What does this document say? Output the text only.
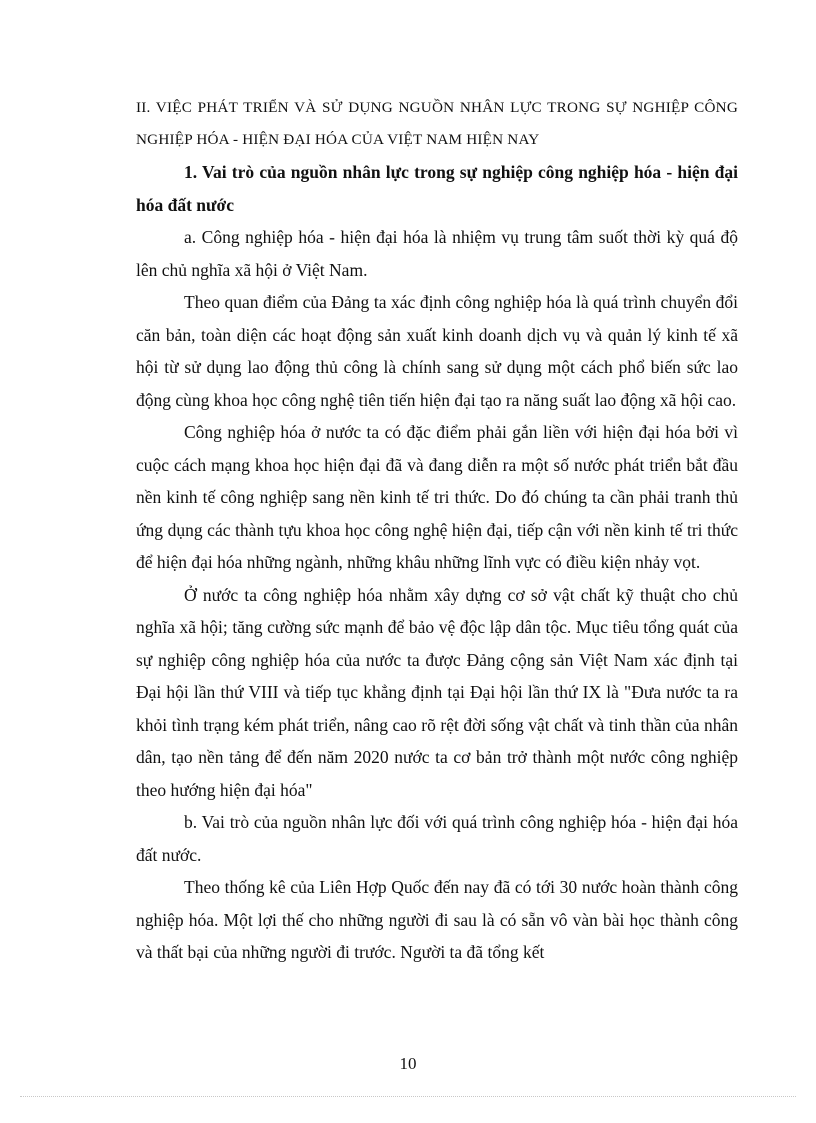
II. VIỆC PHÁT TRIỂN VÀ SỬ DỤNG NGUỒN NHÂN LỰC TRONG SỰ NGHIỆP CÔNG NGHIỆP HÓA - HIỆN ĐẠI HÓA CỦA VIỆT NAM HIỆN NAY
1. Vai trò của nguồn nhân lực trong sự nghiệp công nghiệp hóa - hiện đại hóa đất nước

a. Công nghiệp hóa - hiện đại hóa là nhiệm vụ trung tâm suốt thời kỳ quá độ lên chủ nghĩa xã hội ở Việt Nam.

Theo quan điểm của Đảng ta xác định công nghiệp hóa là quá trình chuyển đổi căn bản, toàn diện các hoạt động sản xuất kinh doanh dịch vụ và quản lý kinh tế xã hội từ sử dụng lao động thủ công là chính sang sử dụng một cách phổ biến sức lao động cùng khoa học công nghệ tiên tiến hiện đại tạo ra năng suất lao động xã hội cao.

Công nghiệp hóa ở nước ta có đặc điểm phải gắn liền với hiện đại hóa bởi vì cuộc cách mạng khoa học hiện đại đã và đang diễn ra một số nước phát triển bắt đầu nền kinh tế công nghiệp sang nền kinh tế tri thức. Do đó chúng ta cần phải tranh thủ ứng dụng các thành tựu khoa học công nghệ hiện đại, tiếp cận với nền kinh tế tri thức để hiện đại hóa những ngành, những khâu những lĩnh vực có điều kiện nhảy vọt.

Ở nước ta công nghiệp hóa nhằm xây dựng cơ sở vật chất kỹ thuật cho chủ nghĩa xã hội; tăng cường sức mạnh để bảo vệ độc lập dân tộc. Mục tiêu tổng quát của sự nghiệp công nghiệp hóa của nước ta được Đảng cộng sản Việt Nam xác định tại Đại hội lần thứ VIII và tiếp tục khẳng định tại Đại hội lần thứ IX là "Đưa nước ta ra khỏi tình trạng kém phát triển, nâng cao rõ rệt đời sống vật chất và tinh thần của nhân dân, tạo nền tảng để đến năm 2020 nước ta cơ bản trở thành một nước công nghiệp theo hướng hiện đại hóa"

b. Vai trò của nguồn nhân lực đối với quá trình công nghiệp hóa - hiện đại hóa đất nước.

Theo thống kê của Liên Hợp Quốc đến nay đã có tới 30 nước hoàn thành công nghiệp hóa. Một lợi thế cho những người đi sau là có sẵn vô vàn bài học thành công và thất bại của những người đi trước. Người ta đã tổng kết

10
